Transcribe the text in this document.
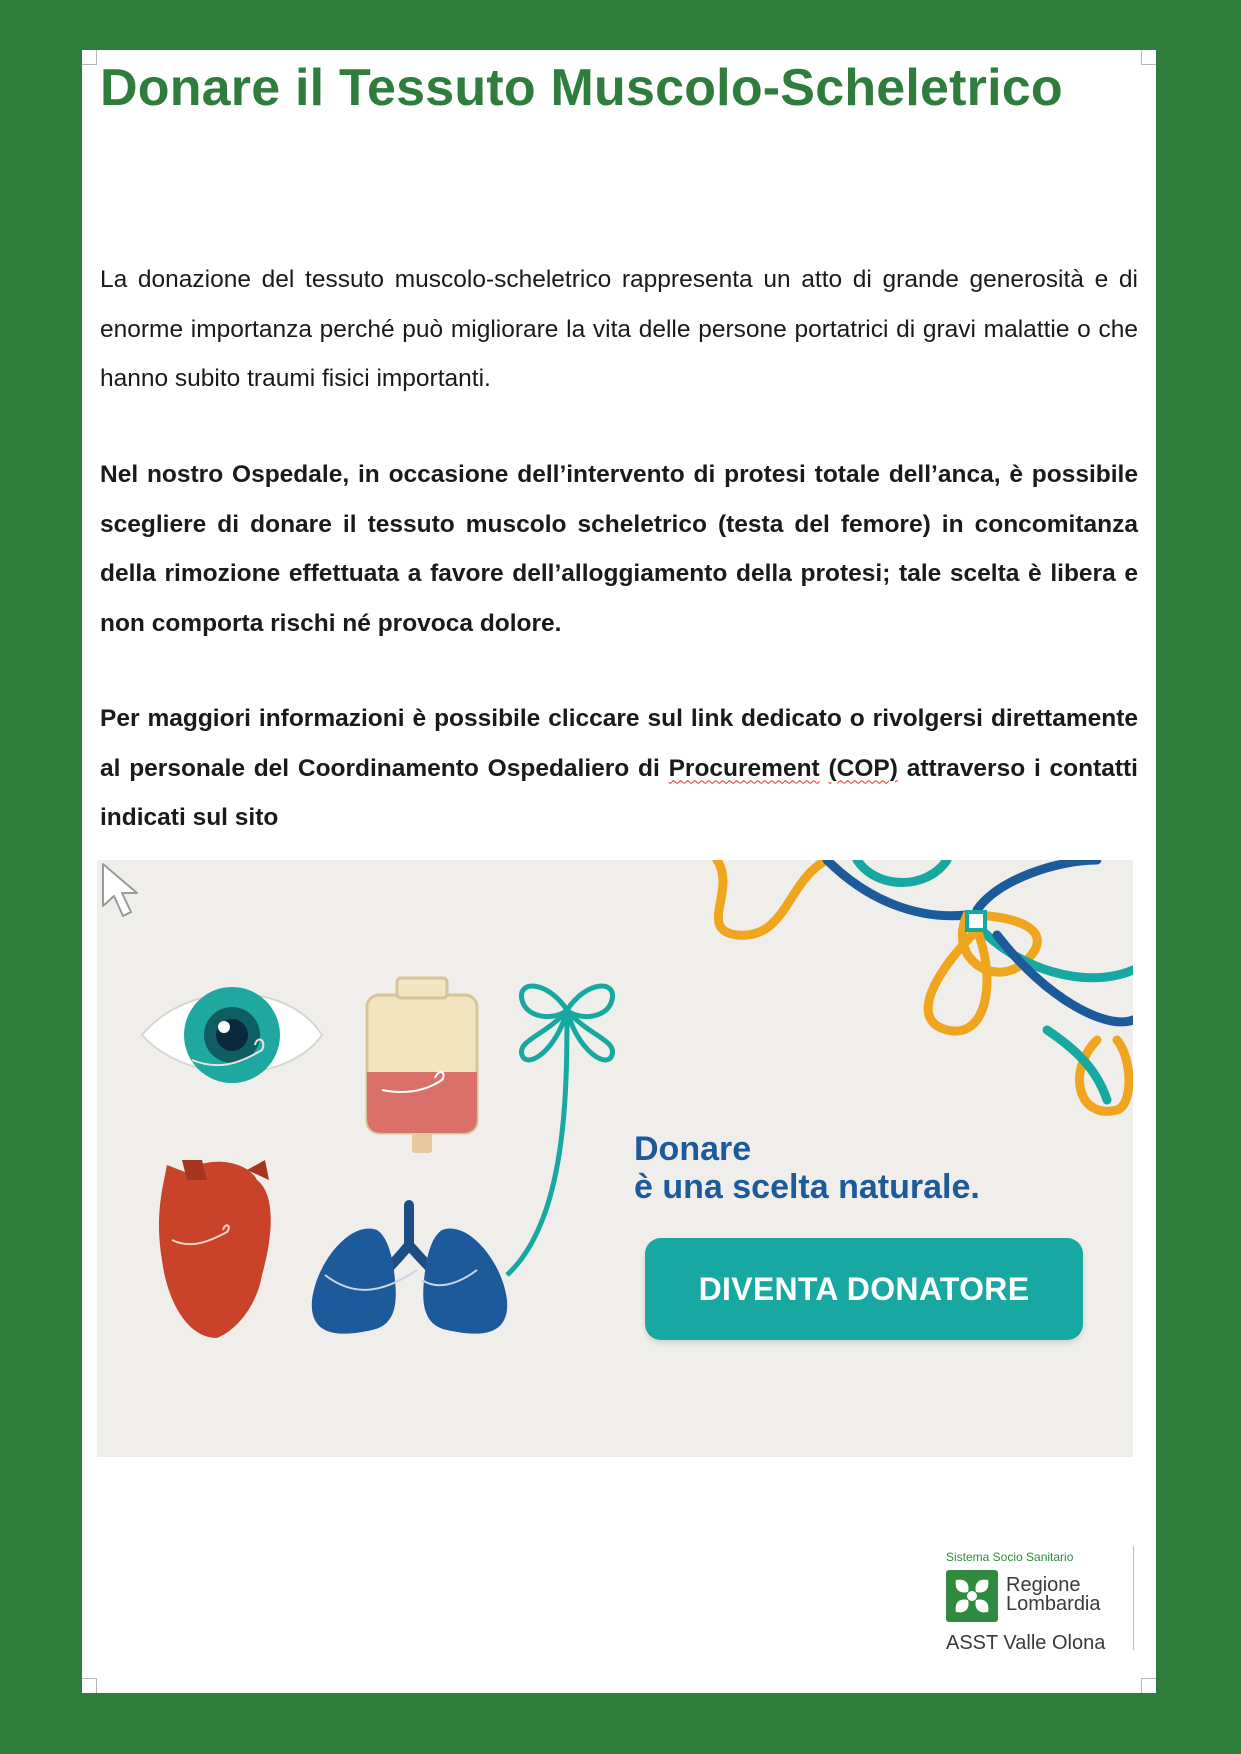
Donare il Tessuto Muscolo-Scheletrico

La donazione del tessuto muscolo-scheletrico rappresenta un atto di grande generosità e di enorme importanza perché può migliorare la vita delle persone portatrici di gravi malattie o che hanno subito traumi fisici importanti.

Nel nostro Ospedale, in occasione dell’intervento di protesi totale dell’anca, è possibile scegliere di donare il tessuto muscolo scheletrico (testa del femore) in concomitanza della rimozione effettuata a favore dell’alloggiamento della protesi; tale scelta è libera e non comporta rischi né provoca dolore.

Per maggiori informazioni è possibile cliccare sul link dedicato o rivolgersi direttamente al personale del Coordinamento Ospedaliero di Procurement (COP) attraverso i contatti indicati sul sito

Donare
è una scelta naturale.
DIVENTA DONATORE
Sistema Socio Sanitario
Regione
Lombardia
ASST Valle Olona
